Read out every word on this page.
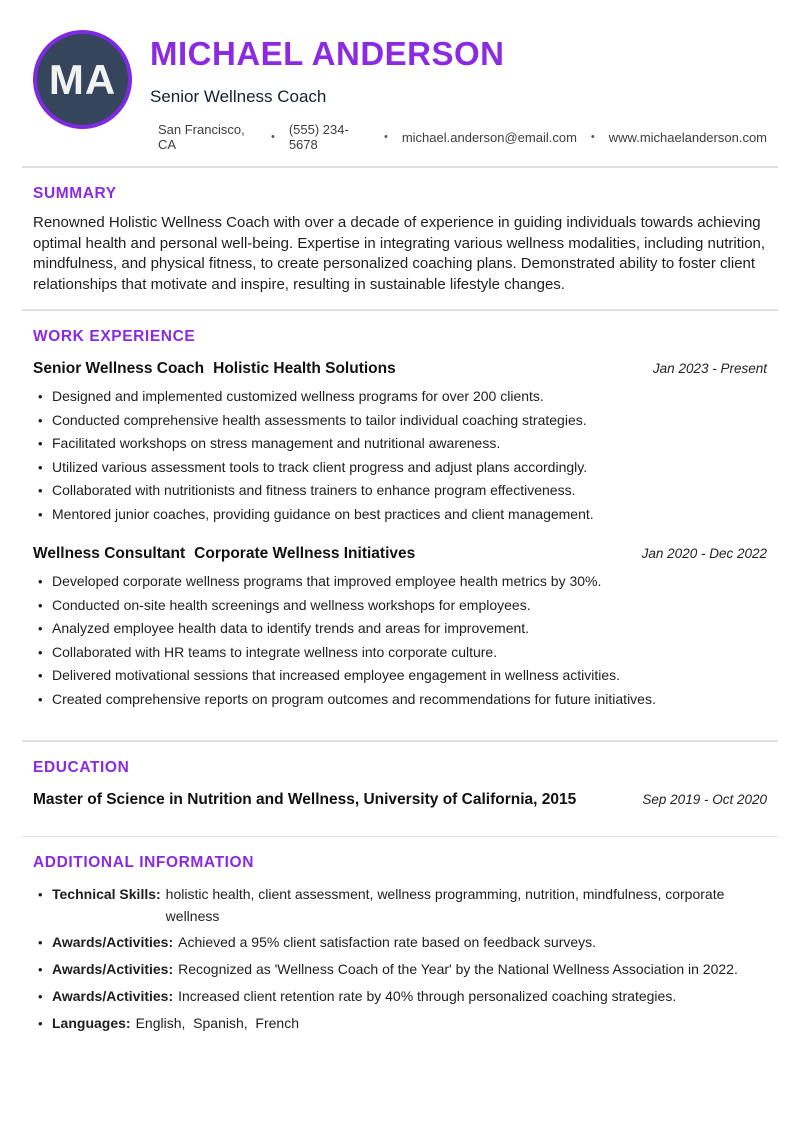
MA
MICHAEL ANDERSON
Senior Wellness Coach
San Francisco, CA	• (555) 234-5678	• michael.anderson@email.com • www.michaelanderson.com
SUMMARY

Renowned Holistic Wellness Coach with over a decade of experience in guiding individuals towards achieving optimal health and personal well-being. Expertise in integrating various wellness modalities, including nutrition, mindfulness, and physical fitness, to create personalized coaching plans. Demonstrated ability to foster client relationships that motivate and inspire, resulting in sustainable lifestyle changes.

WORK EXPERIENCE
Senior Wellness Coach Holistic Health Solutions	Jan 2023 - Present
• Designed and implemented customized wellness programs for over 200 clients.
• Conducted comprehensive health assessments to tailor individual coaching strategies.
• Facilitated workshops on stress management and nutritional awareness.
• Utilized various assessment tools to track client progress and adjust plans accordingly.
• Collaborated with nutritionists and fitness trainers to enhance program effectiveness.
• Mentored junior coaches, providing guidance on best practices and client management.
Wellness Consultant Corporate Wellness Initiatives	Jan 2020 - Dec 2022
• Developed corporate wellness programs that improved employee health metrics by 30%.
• Conducted on-site health screenings and wellness workshops for employees.
• Analyzed employee health data to identify trends and areas for improvement.
• Collaborated with HR teams to integrate wellness into corporate culture.
• Delivered motivational sessions that increased employee engagement in wellness activities.
• Created comprehensive reports on program outcomes and recommendations for future initiatives.
EDUCATION
Master of Science in Nutrition and Wellness, University of California, 2015	Sep 2019 - Oct 2020
ADDITIONAL INFORMATION
• Technical Skills: holistic health, client assessment, wellness programming, nutrition, mindfulness, corporate wellness
• Awards/Activities: Achieved a 95% client satisfaction rate based on feedback surveys.
• Awards/Activities: Recognized as 'Wellness Coach of the Year' by the National Wellness Association in 2022.
• Awards/Activities: Increased client retention rate by 40% through personalized coaching strategies.
• Languages: English,  Spanish,  French
